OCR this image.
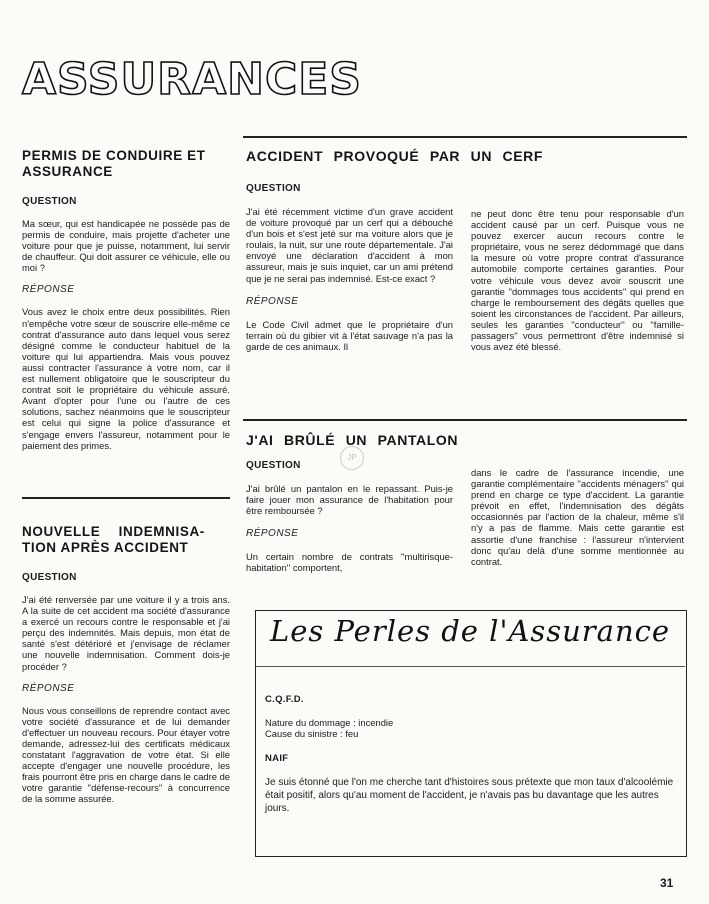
ASSURANCES
PERMIS DE CONDUIRE ET ASSURANCE

QUESTION

Ma sœur, qui est handicapée ne possède pas de permis de conduire, mais projette d'acheter une voiture pour que je puisse, notamment, lui servir de chauffeur. Qui doit assurer ce véhicule, elle ou moi ?

RÉPONSE

Vous avez le choix entre deux possibilités. Rien n'empêche votre sœur de souscrire elle-même ce contrat d'assurance auto dans lequel vous serez désigné comme le conducteur habituel de la voiture qui lui appartiendra. Mais vous pouvez aussi contracter l'assurance à votre nom, car il est nullement obligatoire que le souscripteur du contrat soit le propriétaire du véhicule assuré. Avant d'opter pour l'une ou l'autre de ces solutions, sachez néanmoins que le souscripteur est celui qui signe la police d'assurance et s'engage envers l'assureur, notamment pour le paiement des primes.

NOUVELLE INDEMNISA-
TION APRÈS ACCIDENT

QUESTION

J'ai été renversée par une voiture il y a trois ans. A la suite de cet accident ma société d'assurance a exercé un recours contre le responsable et j'ai perçu des indemnités. Mais depuis, mon état de santé s'est détérioré et j'envisage de réclamer une nouvelle indemnisation. Comment dois-je procéder ?

RÉPONSE

Nous vous conseillons de reprendre contact avec votre société d'assurance et de lui demander d'effectuer un nouveau recours. Pour étayer votre demande, adressez-lui des certificats médicaux constatant l'aggravation de votre état. Si elle accepte d'engager une nouvelle procédure, les frais pourront être pris en charge dans le cadre de votre garantie ''défense-recours'' à concurrence de la somme assurée.

ACCIDENT PROVOQUÉ PAR UN CERF

QUESTION

J'ai été récemment victime d'un grave accident de voiture provoqué par un cerf qui a débouché d'un bois et s'est jeté sur ma voiture alors que je roulais, la nuit, sur une route départementale. J'ai envoyé une déclaration d'accident à mon assureur, mais je suis inquiet, car un ami prétend que je ne serai pas indemnisé. Est-ce exact ?

RÉPONSE

Le Code Civil admet que le propriétaire d'un terrain où du gibier vit à l'état sauvage n'a pas la garde de ces animaux. Il

ne peut donc être tenu pour responsable d'un accident causé par un cerf. Puisque vous ne pouvez exercer aucun recours contre le propriétaire, vous ne serez dédommagé que dans la mesure où votre propre contrat d'assurance automobile comporte certaines garanties. Pour votre véhicule vous devez avoir souscrit une garantie ''dommages tous accidents'' qui prend en charge le remboursement des dégâts quelles que soient les circonstances de l'accident. Par ailleurs, seules les garanties ''conducteur'' ou ''famille-passagers'' vous permettront d'être indemnisé si vous avez été blessé.

J'AI BRÛLÉ UN PANTALON
JP

QUESTION

J'ai brûlé un pantalon en le repassant. Puis-je faire jouer mon assurance de l'habitation pour être remboursée ?

RÉPONSE

Un certain nombre de contrats ''multirisque-habitation'' comportent,

dans le cadre de l'assurance incendie, une garantie complémentaire ''accidents ménagers'' qui prend en charge ce type d'accident. La garantie prévoit en effet, l'indemnisation des dégâts occasionnés par l'action de la chaleur, même s'il n'y a pas de flamme. Mais cette garantie est assortie d'une franchise : l'assureur n'intervient donc qu'au delà d'une somme mentionnée au contrat.

Les Perles de l'Assurance

C.Q.F.D.

Nature du dommage : incendie

Cause du sinistre : feu

NAIF

Je suis étonné que l'on me cherche tant d'histoires sous prétexte que mon taux d'alcoolémie était positif, alors qu'au moment de l'accident, je n'avais pas bu davantage que les autres jours.

31
